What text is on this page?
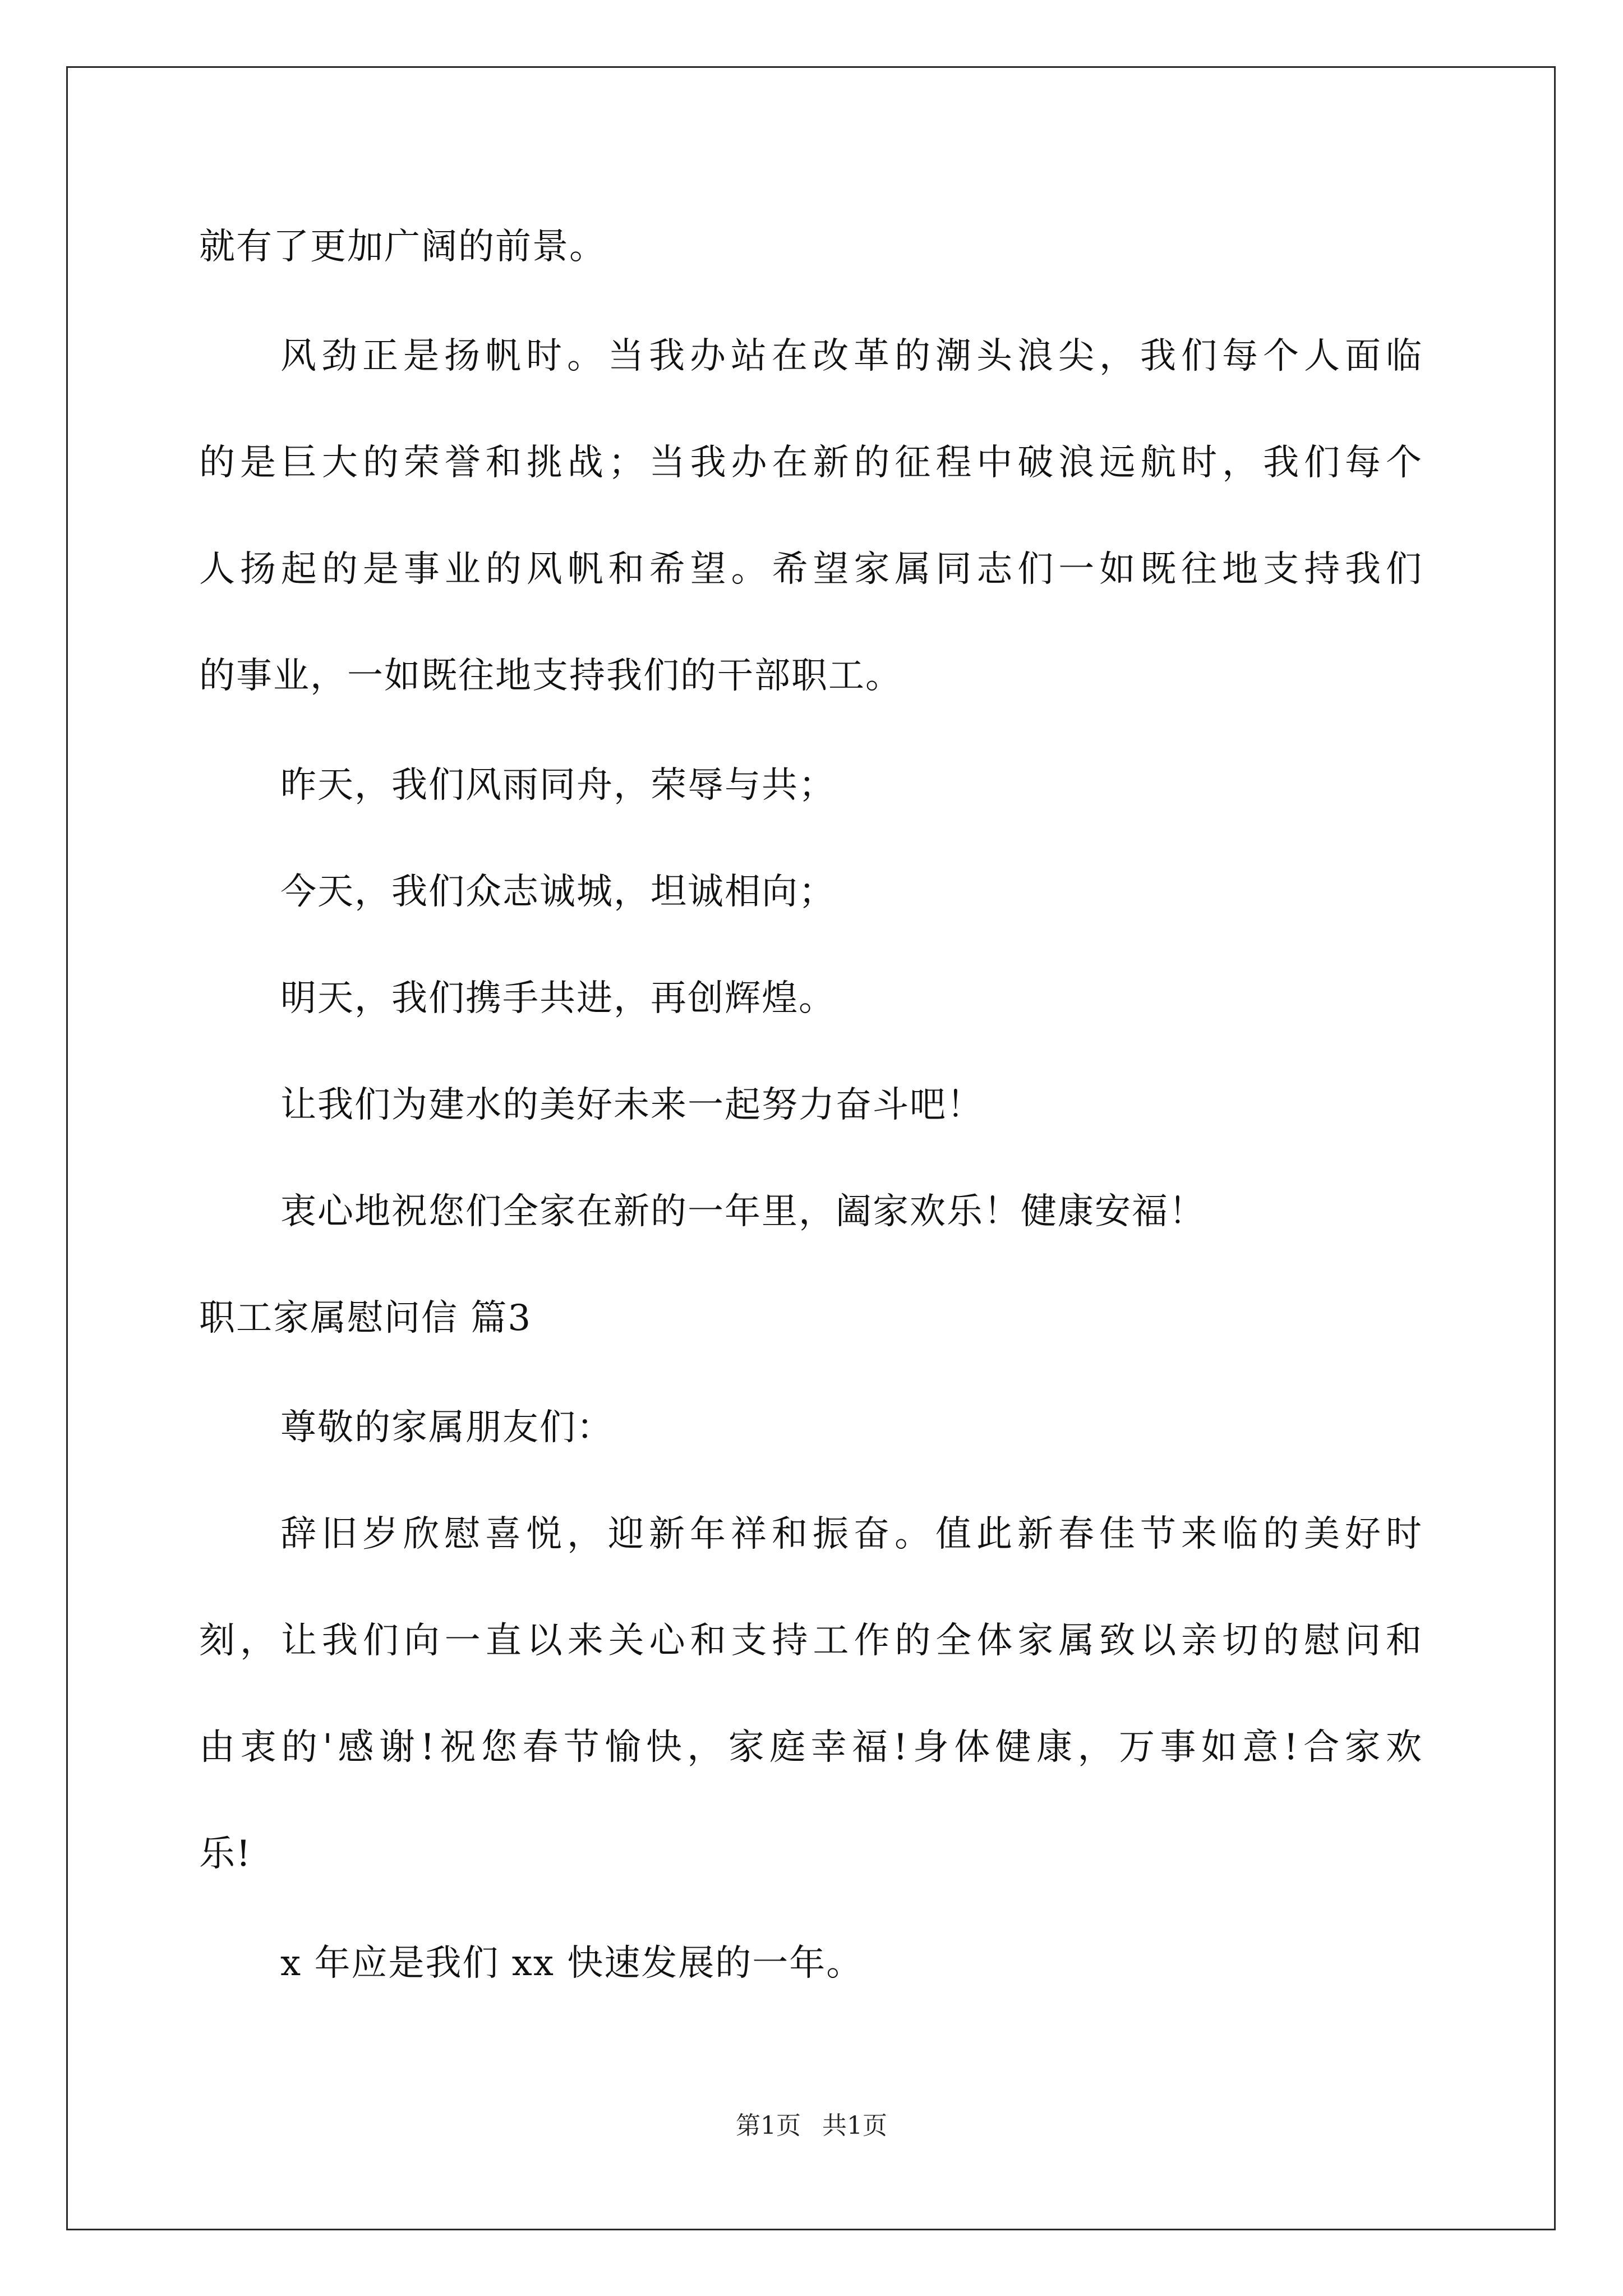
就有了更加广阔的前景。
风劲正是扬帆时。当我办站在改革的潮头浪尖，我们每个人面临
的是巨大的荣誉和挑战；当我办在新的征程中破浪远航时，我们每个
人扬起的是事业的风帆和希望。希望家属同志们一如既往地支持我们
的事业，一如既往地支持我们的干部职工。
昨天，我们风雨同舟，荣辱与共；
今天，我们众志诚城，坦诚相向；
明天，我们携手共进，再创辉煌。
让我们为建水的美好未来一起努力奋斗吧！
衷心地祝您们全家在新的一年里，阖家欢乐！健康安福！
职工家属慰问信 篇3
尊敬的家属朋友们：
辞旧岁欣慰喜悦，迎新年祥和振奋。值此新春佳节来临的美好时
刻，让我们向一直以来关心和支持工作的全体家属致以亲切的慰问和
由衷的'感谢!祝您春节愉快，家庭幸福!身体健康，万事如意!合家欢
乐!
x 年应是我们 xx 快速发展的一年。
第1页 共1页
